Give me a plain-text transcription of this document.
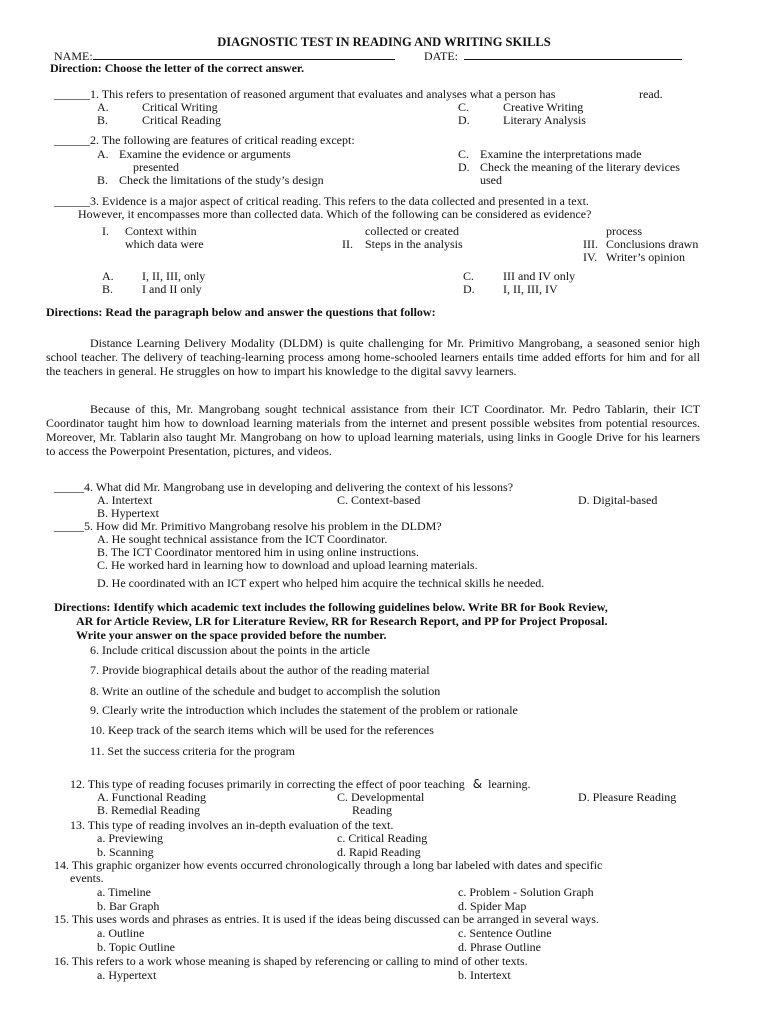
DIAGNOSTIC TEST IN READING AND WRITING SKILLS
NAME:	DATE:
Direction: Choose the letter of the correct answer.
______1. This refers to presentation of reasoned argument that evaluates and analyses what a person has	read.
A.	Critical Writing
B.	Critical Reading
C.	Creative Writing
D.	Literary Analysis
______2. The following are features of critical reading except:
A. Examine the evidence or arguments
presented
B. Check the limitations of the study’s design
C. Examine the interpretations made
D. Check the meaning of the literary devices
used
______3. Evidence is a major aspect of critical reading. This refers to the data collected and presented in a text.
However, it encompasses more than collected data. Which of the following can be considered as evidence?
I. Context within
which data were
collected or created
II. Steps in the analysis
process
III. Conclusions drawn
IV. Writer’s opinion
A. I, II, III, only
B. I and II only
C. III and IV only
D. I, II, III, IV
Directions: Read the paragraph below and answer the questions that follow:
Distance Learning Delivery Modality (DLDM) is quite challenging for Mr. Primitivo Mangrobang, a seasoned senior high school teacher. The delivery of teaching-learning process among home-schooled learners entails time added efforts for him and for all the teachers in general. He struggles on how to impart his knowledge to the digital savvy learners.
Because of this, Mr. Mangrobang sought technical assistance from their ICT Coordinator. Mr. Pedro Tablarin, their ICT Coordinator taught him how to download learning materials from the internet and present possible websites from potential resources. Moreover, Mr. Tablarin also taught Mr. Mangrobang on how to upload learning materials, using links in Google Drive for his learners to access the Powerpoint Presentation, pictures, and videos.
_____4. What did Mr. Mangrobang use in developing and delivering the context of his lessons?
A. Intertext
B. Hypertext
C. Context-based	D. Digital-based
_____5. How did Mr. Primitivo Mangrobang resolve his problem in the DLDM?
A. He sought technical assistance from the ICT Coordinator.
B. The ICT Coordinator mentored him in using online instructions.
C. He worked hard in learning how to download and upload learning materials.
D. He coordinated with an ICT expert who helped him acquire the technical skills he needed.
Directions: Identify which academic text includes the following guidelines below. Write BR for Book Review,
AR for Article Review, LR for Literature Review, RR for Research Report, and PP for Project Proposal.
Write your answer on the space provided before the number.
6. Include critical discussion about the points in the article
7. Provide biographical details about the author of the reading material
8. Write an outline of the schedule and budget to accomplish the solution
9. Clearly write the introduction which includes the statement of the problem or rationale
10. Keep track of the search items which will be used for the references
11. Set the success criteria for the program
12. This type of reading focuses primarily in correcting the effect of poor teaching & learning.
A. Functional Reading
B. Remedial Reading
C. Developmental
Reading
D. Pleasure Reading
13. This type of reading involves an in-depth evaluation of the text.
a. Previewing
b. Scanning
c. Critical Reading
d. Rapid Reading
14. This graphic organizer how events occurred chronologically through a long bar labeled with dates and specific
events.
a. Timeline
b. Bar Graph
c. Problem - Solution Graph
d. Spider Map
15. This uses words and phrases as entries. It is used if the ideas being discussed can be arranged in several ways.
a. Outline
b. Topic Outline
c. Sentence Outline
d. Phrase Outline
16. This refers to a work whose meaning is shaped by referencing or calling to mind of other texts.
a. Hypertext	b. Intertext
